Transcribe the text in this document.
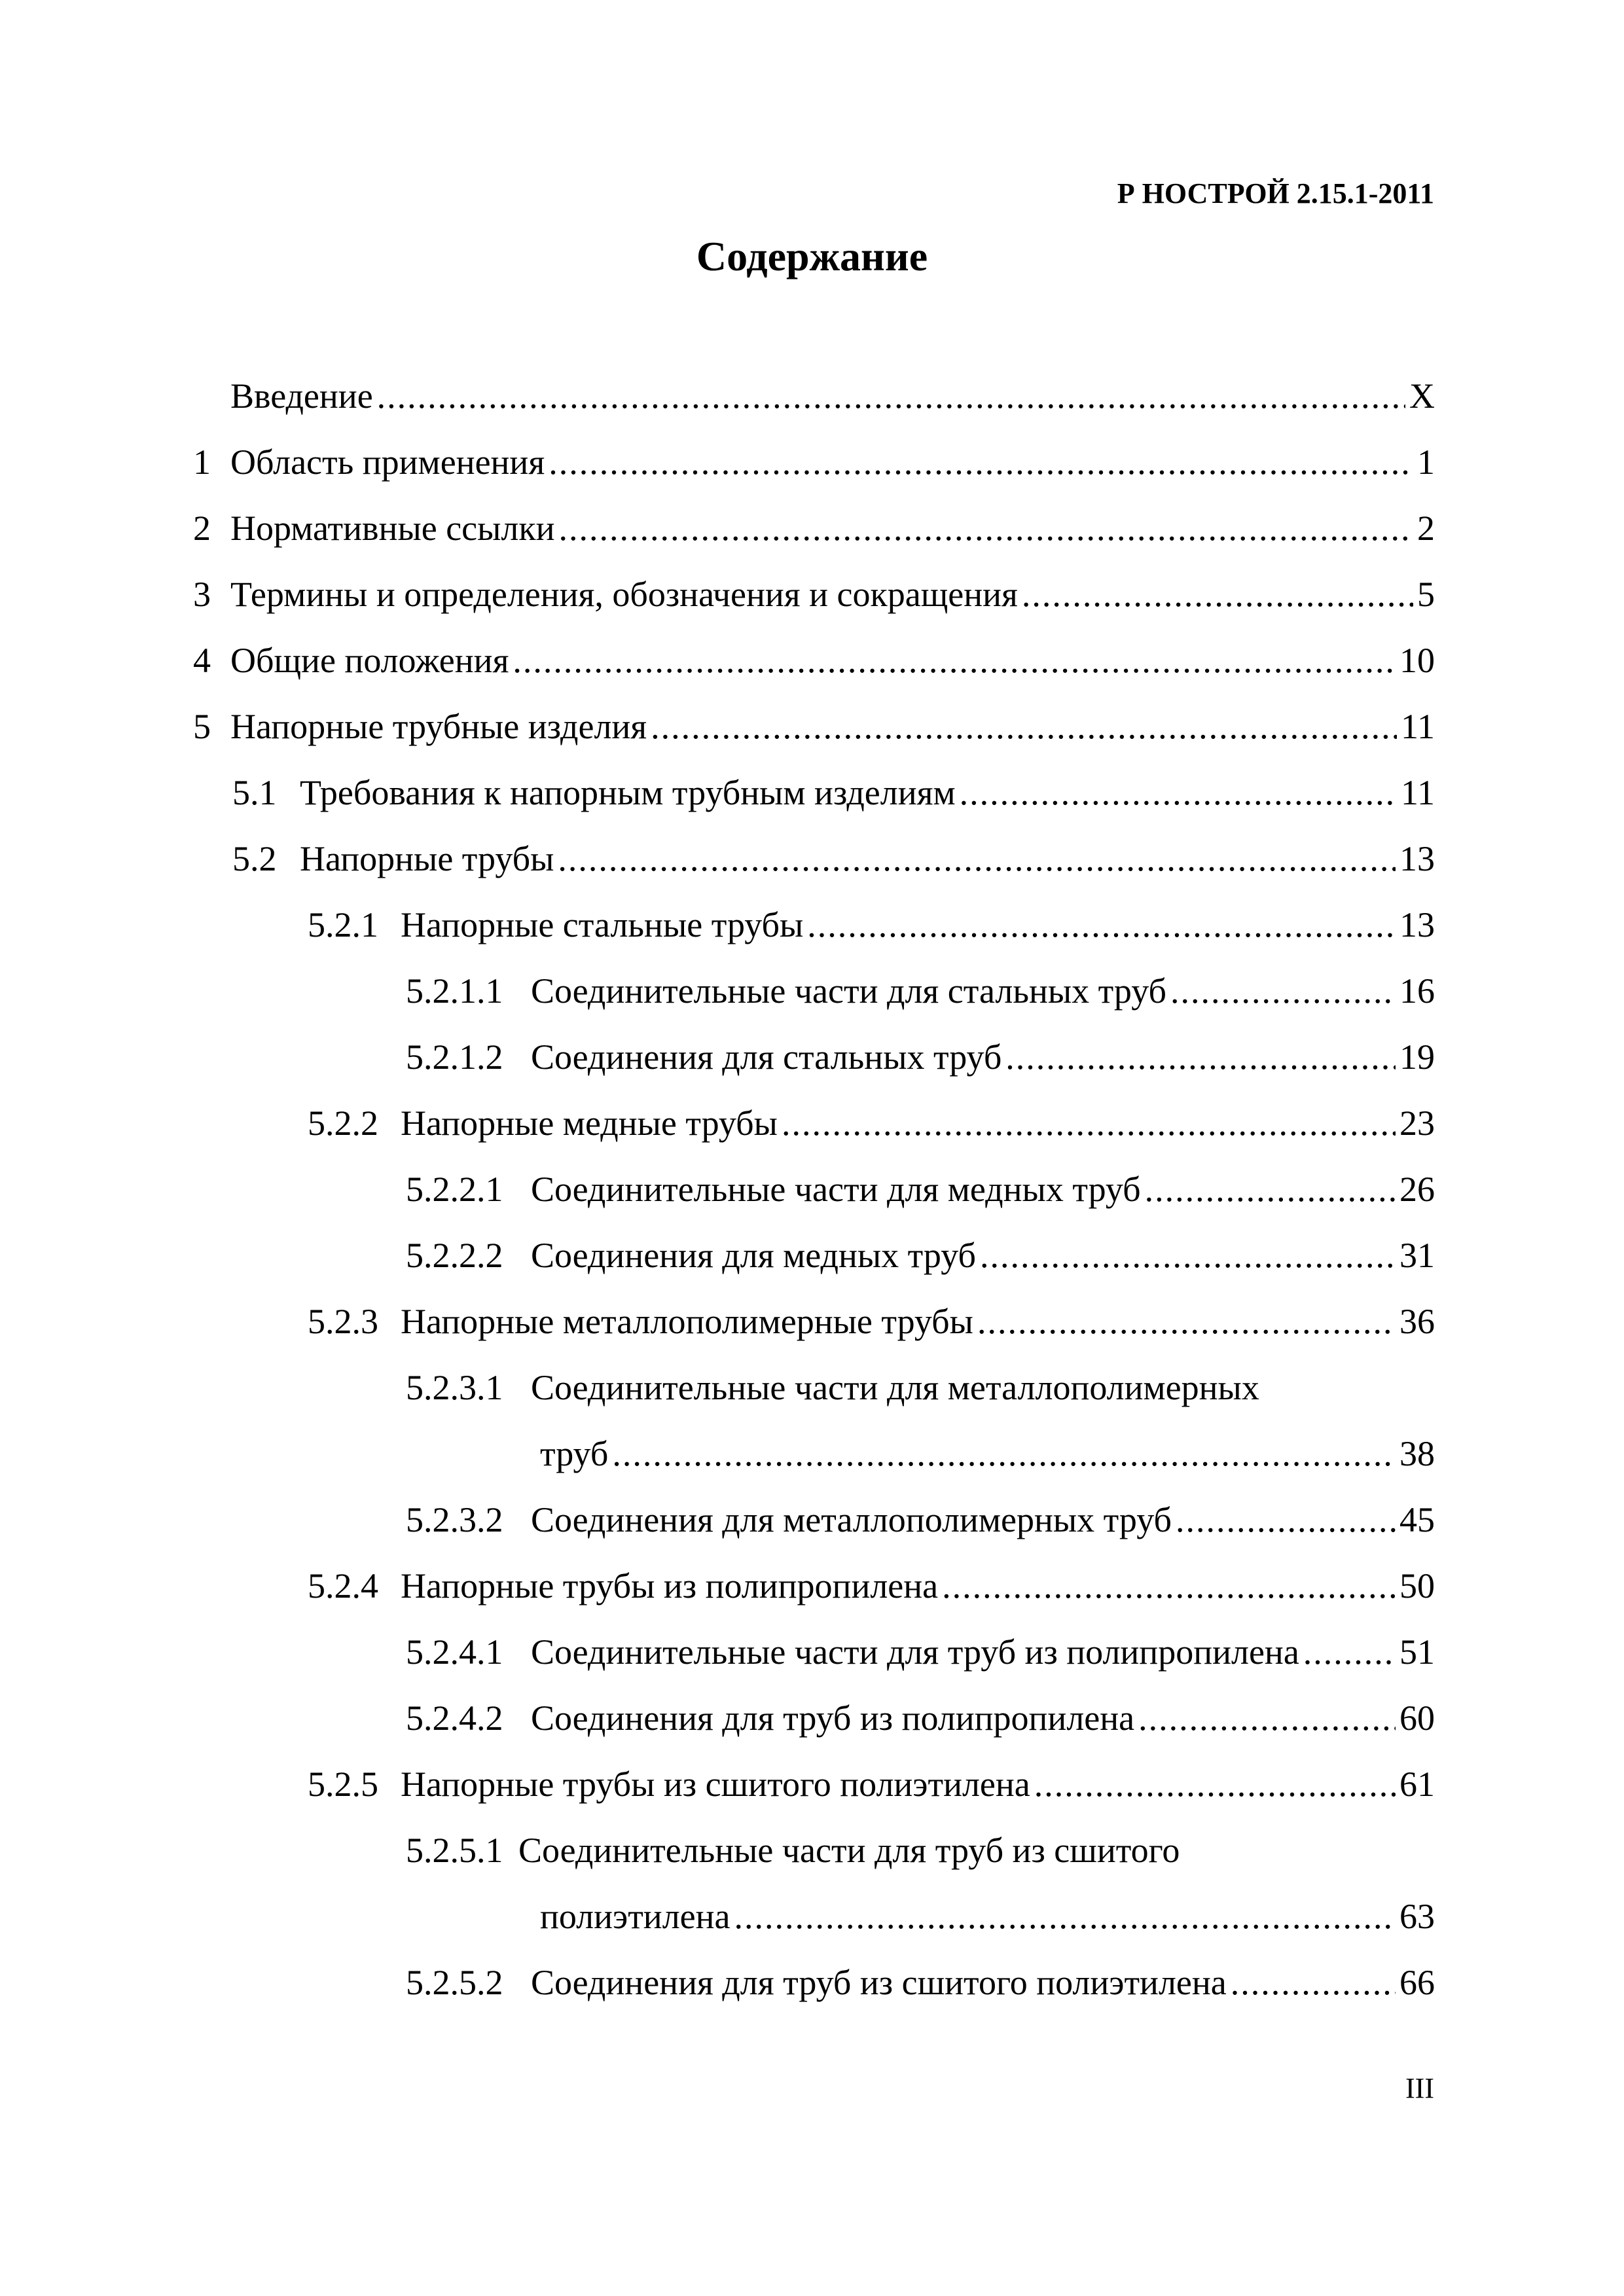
Р НОСТРОЙ 2.15.1-2011
Содержание
Введение .....	X
1 Область применения .....	1
2 Нормативные ссылки .....	2
3 Термины и определения, обозначения и сокращения .....	5
4 Общие положения .....	10
5 Напорные трубные изделия .....	11
5.1 Требования к напорным трубным изделиям .....	11
5.2 Напорные трубы .....	13
5.2.1 Напорные стальные трубы .....	13
5.2.1.1 Соединительные части для стальных труб .....	16
5.2.1.2 Соединения для стальных труб .....	19
5.2.2 Напорные медные трубы .....	23
5.2.2.1 Соединительные части для медных труб .....	26
5.2.2.2 Соединения для медных труб .....	31
5.2.3 Напорные металлополимерные трубы .....	36
5.2.3.1 Соединительные части для металлополимерных
труб .....	38
5.2.3.2 Соединения для металлополимерных труб .....	45
5.2.4 Напорные трубы из полипропилена .....	50
5.2.4.1 Соединительные части для труб из полипропилена .....	51
5.2.4.2 Соединения для труб из полипропилена .....	60
5.2.5 Напорные трубы из сшитого полиэтилена .....	61
5.2.5.1 Соединительные части для труб из сшитого
полиэтилена .....	63
5.2.5.2 Соединения для труб из сшитого полиэтилена .....	66
III
